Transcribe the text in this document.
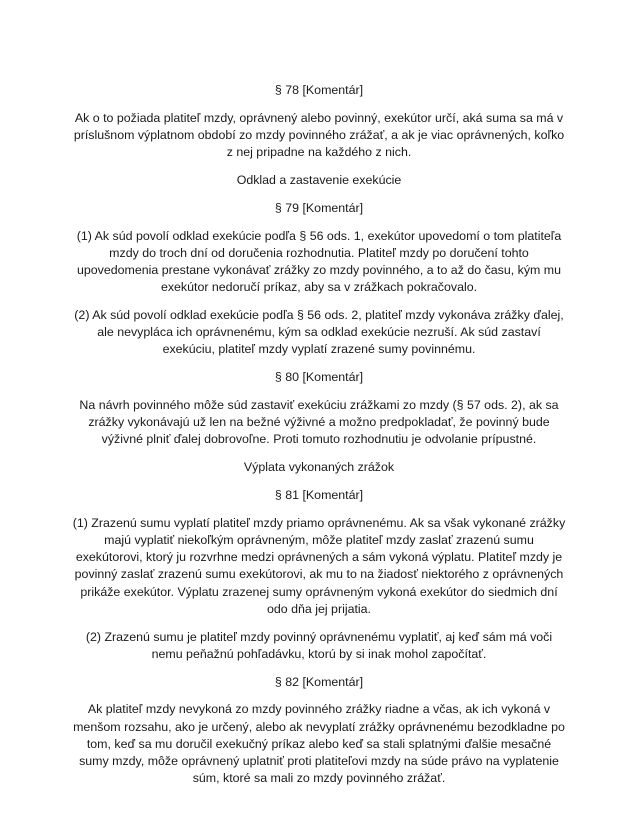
§ 78 [Komentár]

Ak o to požiada platiteľ mzdy, oprávnený alebo povinný, exekútor určí, aká suma sa má v príslušnom výplatnom období zo mzdy povinného zrážať, a ak je viac oprávnených, koľko z nej pripadne na každého z nich.

Odklad a zastavenie exekúcie
§ 79 [Komentár]

(1) Ak súd povolí odklad exekúcie podľa § 56 ods. 1, exekútor upovedomí o tom platiteľa mzdy do troch dní od doručenia rozhodnutia. Platiteľ mzdy po doručení tohto upovedomenia prestane vykonávať zrážky zo mzdy povinného, a to až do času, kým mu exekútor nedoručí príkaz, aby sa v zrážkach pokračovalo.

(2) Ak súd povolí odklad exekúcie podľa § 56 ods. 2, platiteľ mzdy vykonáva zrážky ďalej, ale nevypláca ich oprávnenému, kým sa odklad exekúcie nezruší. Ak súd zastaví exekúciu, platiteľ mzdy vyplatí zrazené sumy povinnému.

§ 80 [Komentár]

Na návrh povinného môže súd zastaviť exekúciu zrážkami zo mzdy (§ 57 ods. 2), ak sa zrážky vykonávajú už len na bežné výživné a možno predpokladať, že povinný bude výživné plniť ďalej dobrovoľne. Proti tomuto rozhodnutiu je odvolanie prípustné.

Výplata vykonaných zrážok
§ 81 [Komentár]

(1) Zrazenú sumu vyplatí platiteľ mzdy priamo oprávnenému. Ak sa však vykonané zrážky majú vyplatiť niekoľkým oprávneným, môže platiteľ mzdy zaslať zrazenú sumu exekútorovi, ktorý ju rozvrhne medzi oprávnených a sám vykoná výplatu. Platiteľ mzdy je povinný zaslať zrazenú sumu exekútorovi, ak mu to na žiadosť niektorého z oprávnených prikáže exekútor. Výplatu zrazenej sumy oprávneným vykoná exekútor do siedmich dní odo dňa jej prijatia.

(2) Zrazenú sumu je platiteľ mzdy povinný oprávnenému vyplatiť, aj keď sám má voči nemu peňažnú pohľadávku, ktorú by si inak mohol započítať.

§ 82 [Komentár]

Ak platiteľ mzdy nevykoná zo mzdy povinného zrážky riadne a včas, ak ich vykoná v menšom rozsahu, ako je určený, alebo ak nevyplatí zrážky oprávnenému bezodkladne po tom, keď sa mu doručil exekučný príkaz alebo keď sa stali splatnými ďalšie mesačné sumy mzdy, môže oprávnený uplatniť proti platiteľovi mzdy na súde právo na vyplatenie súm, ktoré sa mali zo mzdy povinného zrážať.
